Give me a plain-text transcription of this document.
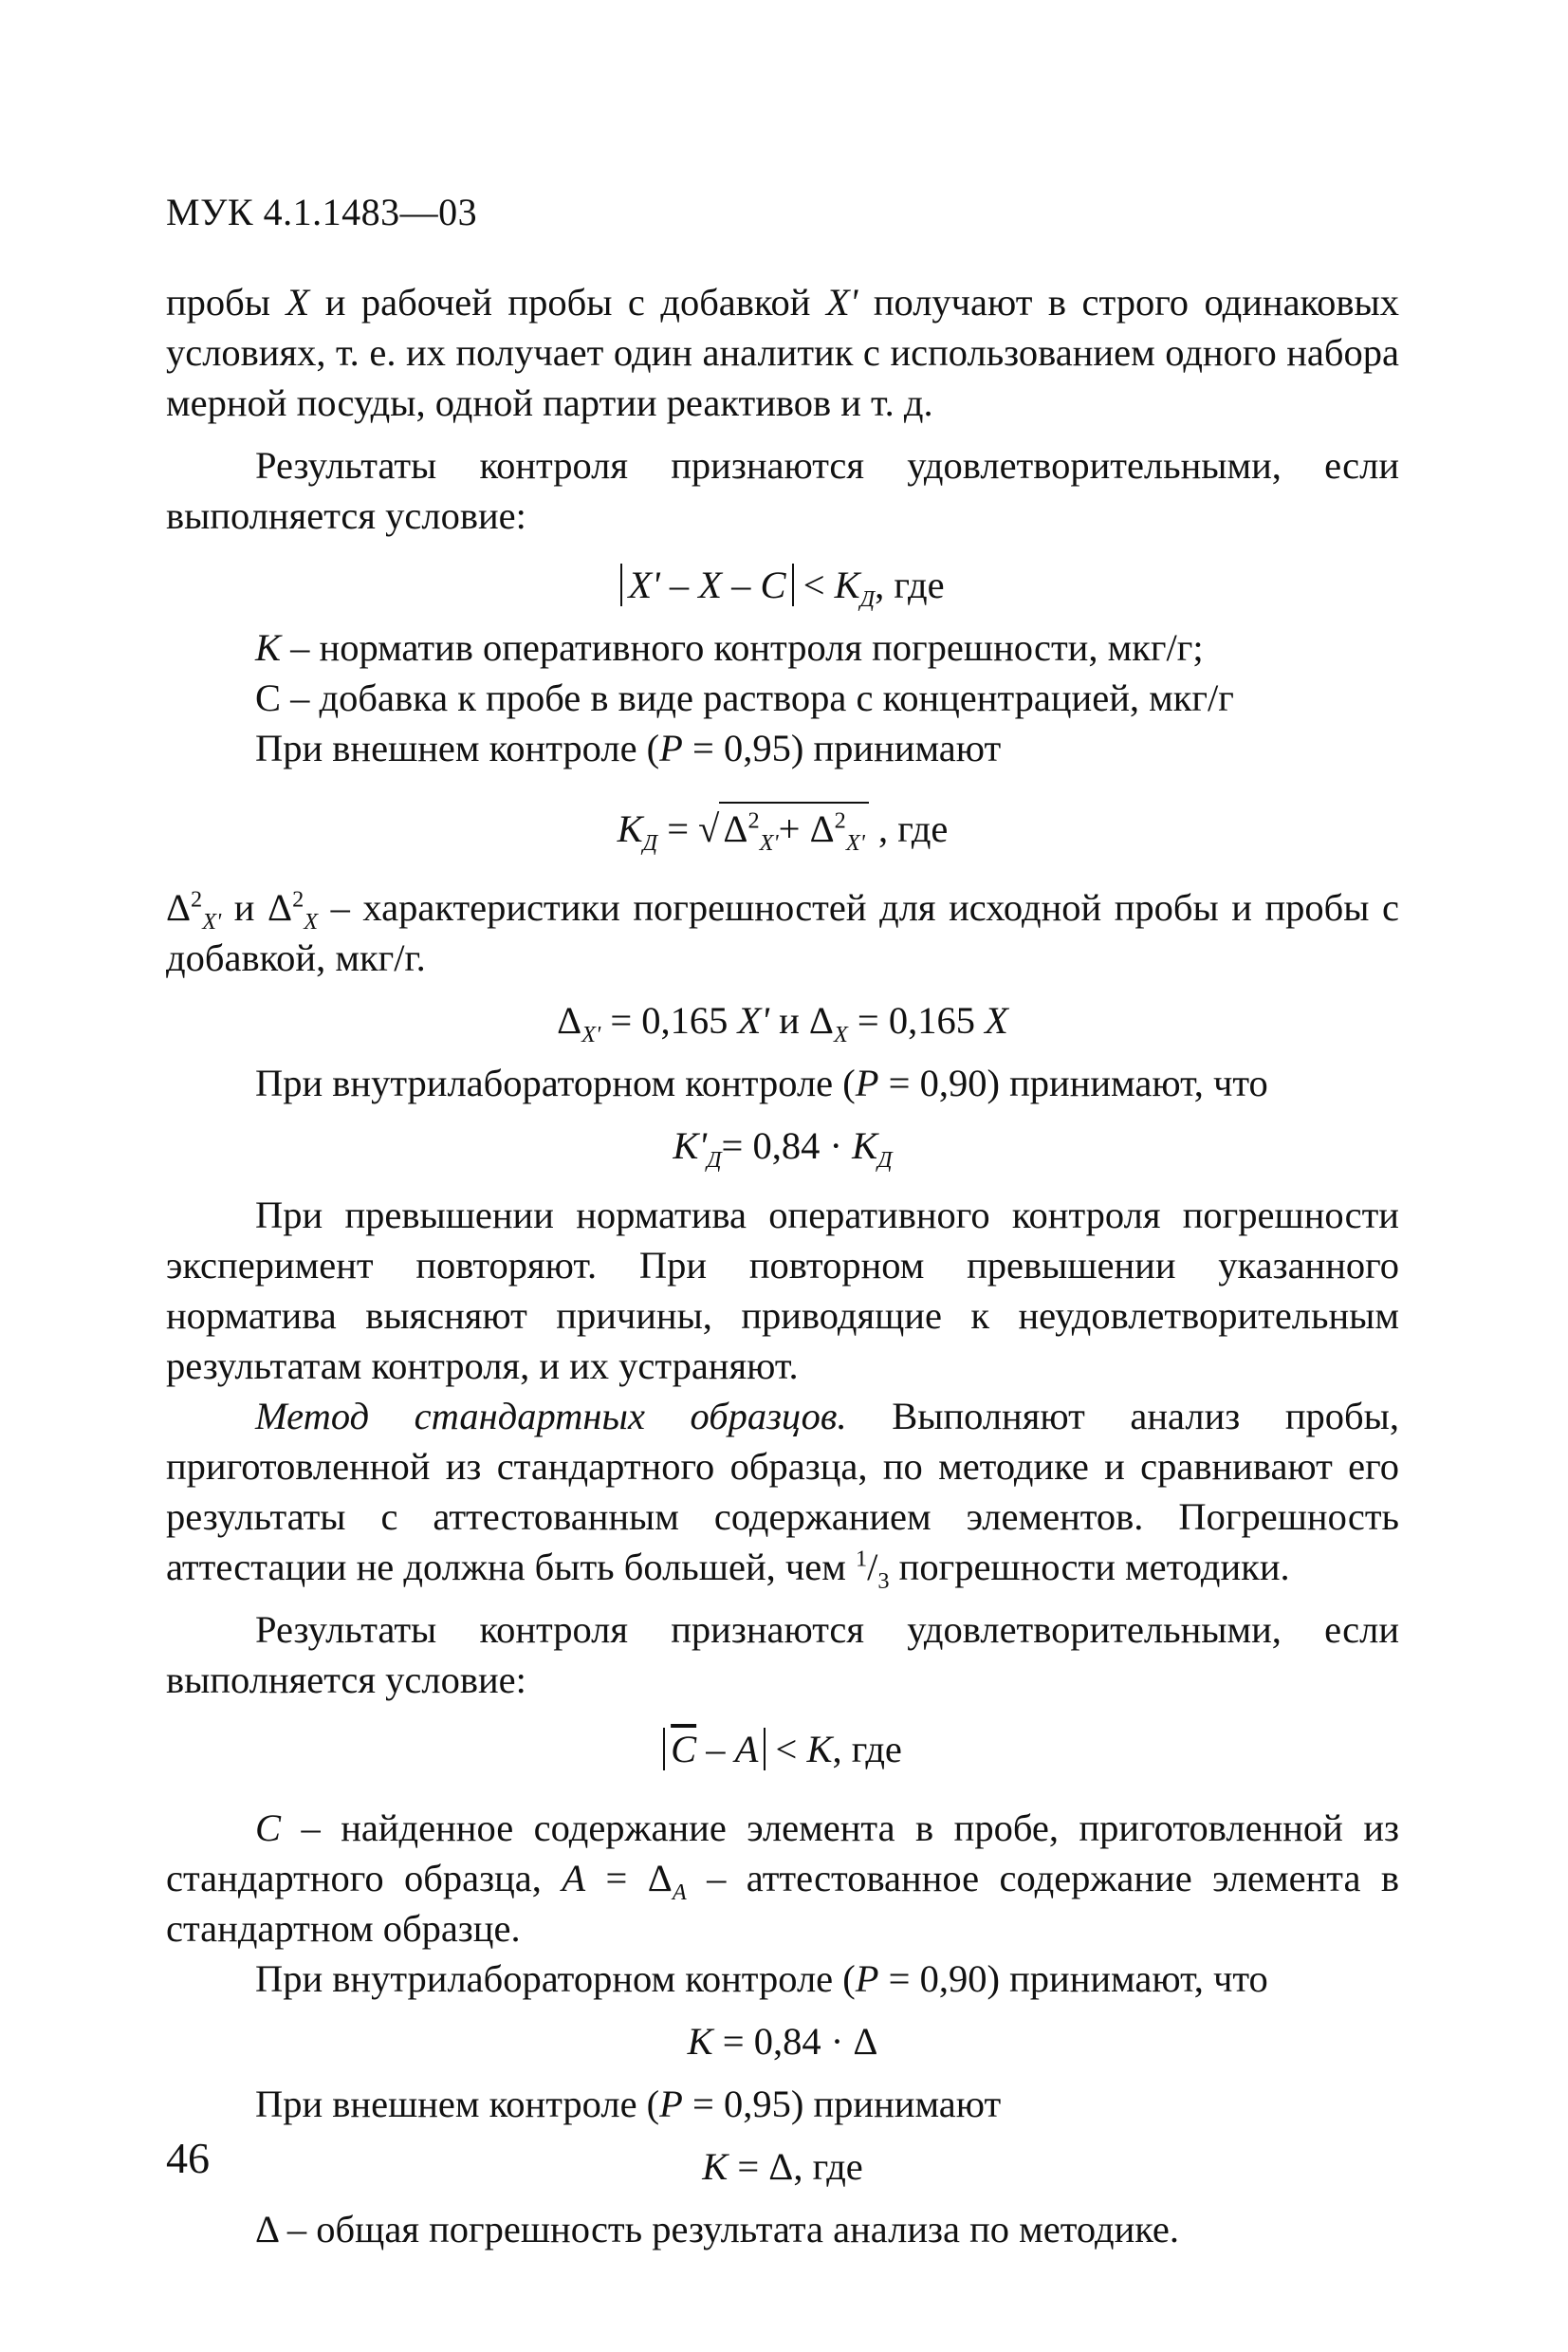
МУК 4.1.1483—03

пробы X и рабочей пробы с добавкой X' получают в строго одинаковых условиях, т. е. их получает один аналитик с использованием одного набора мерной посуды, одной партии реактивов и т. д.

Результаты контроля признаются удовлетворительными, если выполняется условие:

$X' - X - C < K_Д$, где

K – норматив оперативного контроля погрешности, мкг/г;

С – добавка к пробе в виде раствора с концентрацией, мкг/г

При внешнем контроле (P = 0,95) принимают

$K_Д = √\Delta^2_{X'}+ \Delta^2_{X'}$ , где

$\Delta^2_{X'}$ и $\Delta^2_X$ – характеристики погрешностей для исходной пробы и пробы с добавкой, мкг/г.

$\Delta_{X'} = 0,165$ X' и $\Delta_X = 0,165$ X

При внутрилабораторном контроле (P = 0,90) принимают, что

$K'_Д= 0,84 \cdot K_Д$

При превышении норматива оперативного контроля погрешности эксперимент повторяют. При повторном превышении указанного норматива выясняют причины, приводящие к неудовлетворительным результатам контроля, и их устраняют.

Метод стандартных образцов. Выполняют анализ пробы, приготовленной из стандартного образца, по методике и сравнивают его результаты с аттестованным содержанием элементов. Погрешность аттестации не должна быть большей, чем $^1/_3$ погрешности методики.

Результаты контроля признаются удовлетворительными, если выполняется условие:

$\overline{C} - A < K$, где

C – найденное содержание элемента в пробе, приготовленной из стандартного образца, $A = \Delta_A$ – аттестованное содержание элемента в стандартном образце.

При внутрилабораторном контроле (P = 0,90) принимают, что

K = 0,84 · Δ

При внешнем контроле (P = 0,95) принимают

K = Δ, где

Δ – общая погрешность результата анализа по методике.

46
